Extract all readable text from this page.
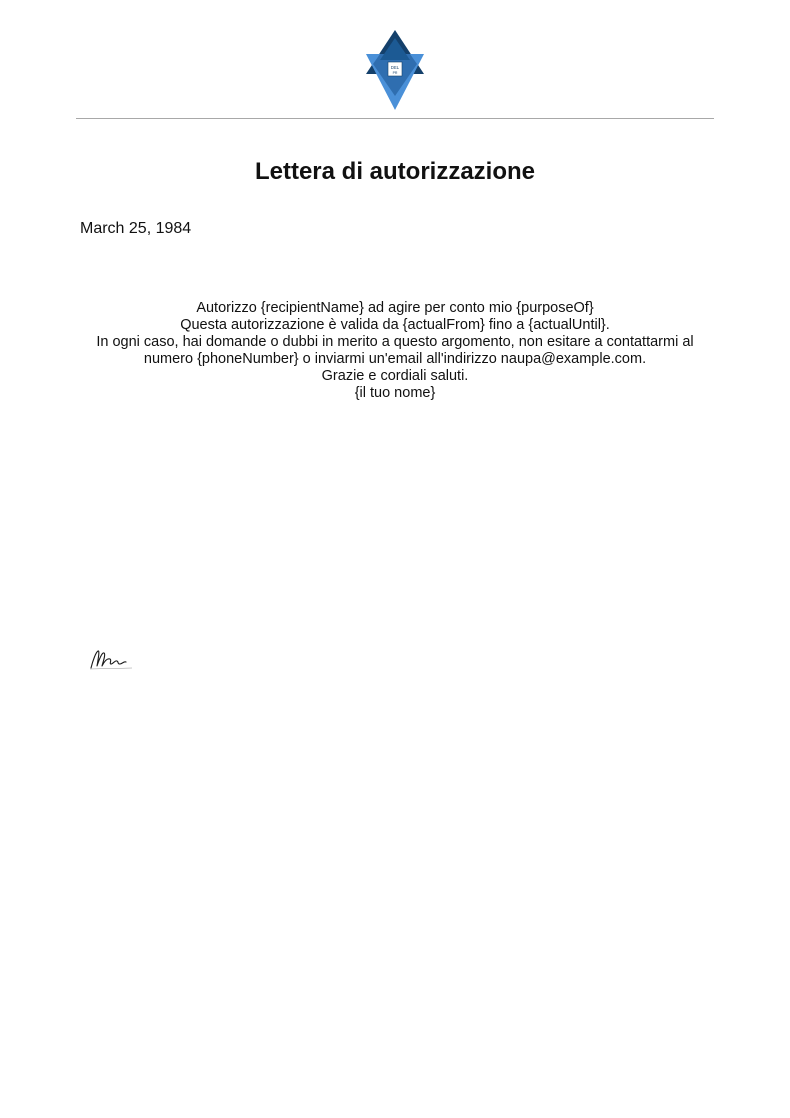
DEL
PR
Lettera di autorizzazione
March 25, 1984
Autorizzo {recipientName} ad agire per conto mio {purposeOf}
Questa autorizzazione è valida da {actualFrom} fino a {actualUntil}.
In ogni caso, hai domande o dubbi in merito a questo argomento, non esitare a contattarmi al
numero {phoneNumber} o inviarmi un'email all'indirizzo naupa@example.com.
Grazie e cordiali saluti.
{il tuo nome}
